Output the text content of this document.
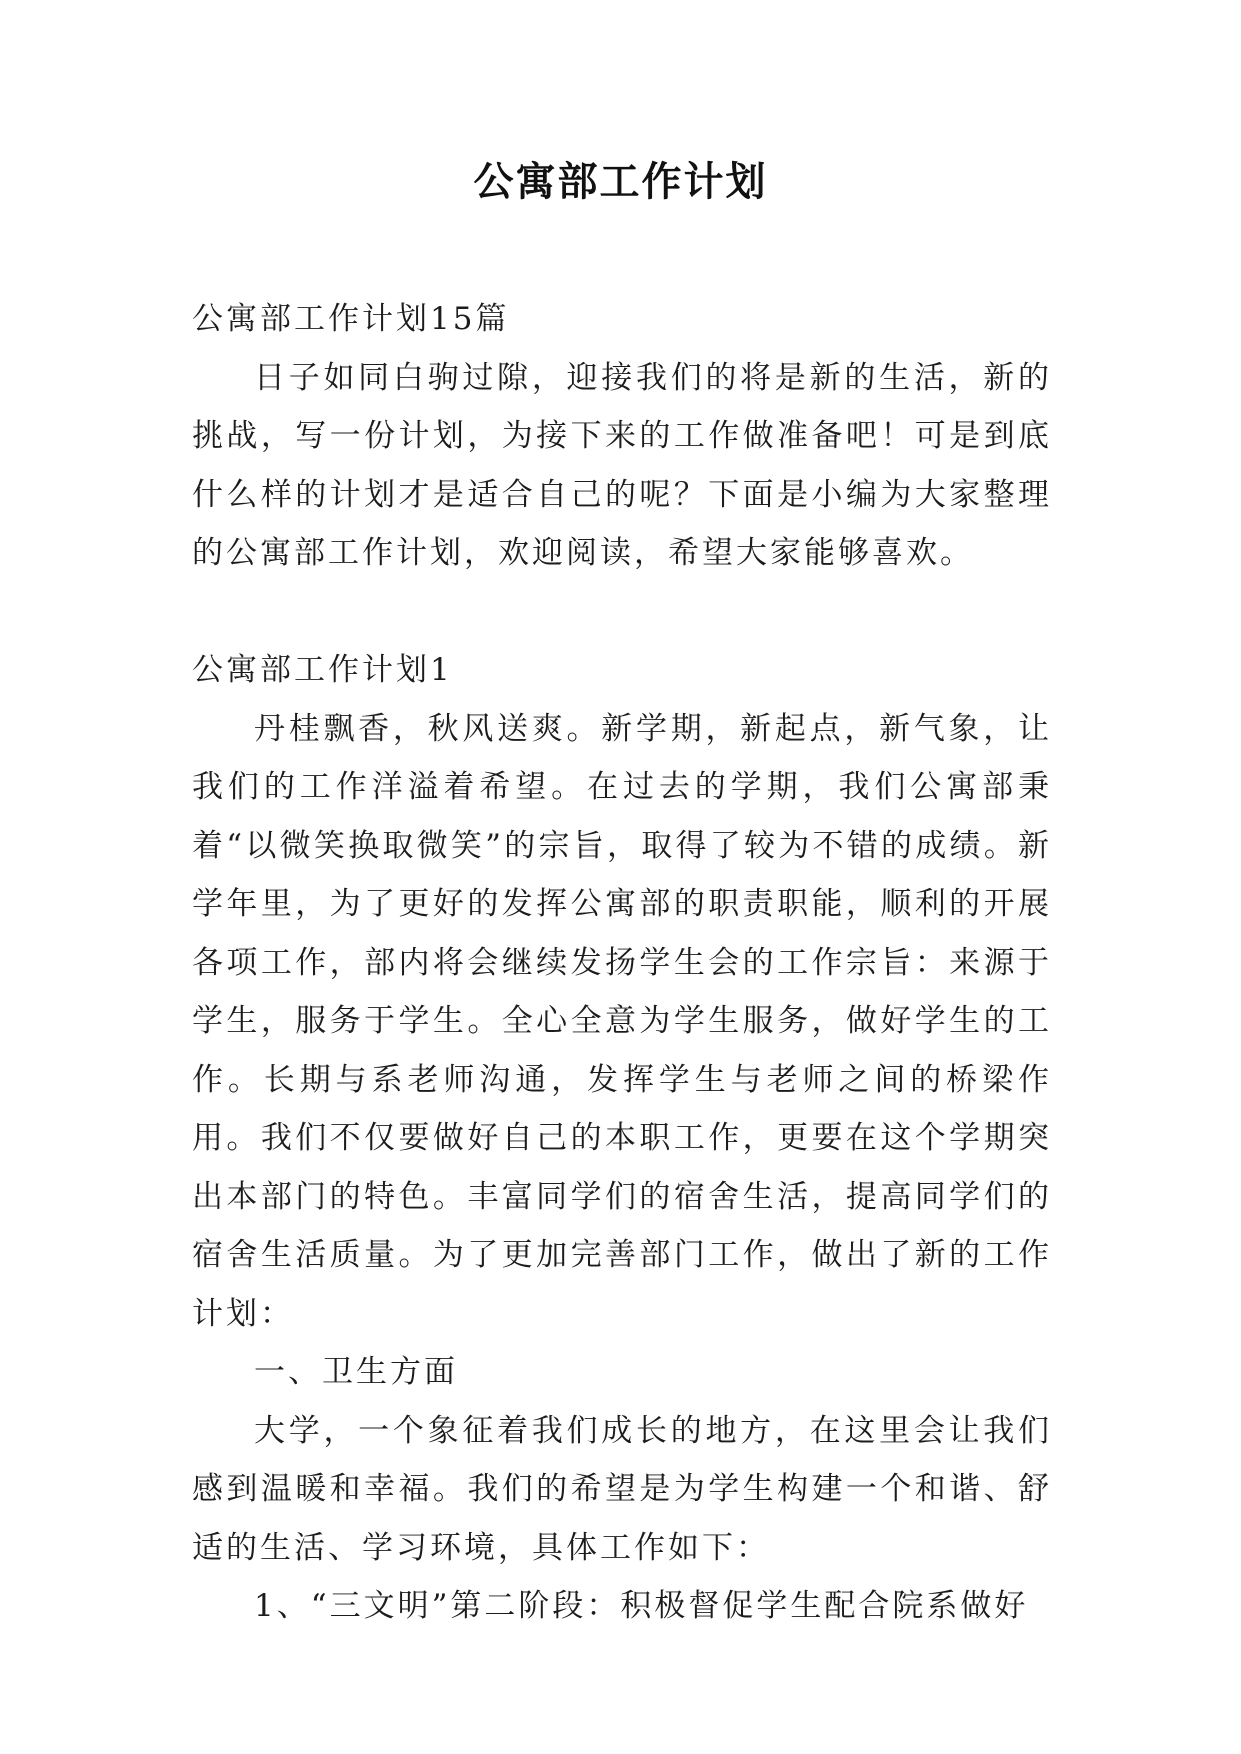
公寓部工作计划

公寓部工作计划15篇

日子如同白驹过隙，迎接我们的将是新的生活，新的挑战，写一份计划，为接下来的工作做准备吧！可是到底什么样的计划才是适合自己的呢？下面是小编为大家整理的公寓部工作计划，欢迎阅读，希望大家能够喜欢。

公寓部工作计划1

丹桂飘香，秋风送爽。新学期，新起点，新气象，让我们的工作洋溢着希望。在过去的学期，我们公寓部秉着“以微笑换取微笑”的宗旨，取得了较为不错的成绩。新学年里，为了更好的发挥公寓部的职责职能，顺利的开展各项工作，部内将会继续发扬学生会的工作宗旨：来源于学生，服务于学生。全心全意为学生服务，做好学生的工作。长期与系老师沟通，发挥学生与老师之间的桥梁作用。我们不仅要做好自己的本职工作，更要在这个学期突出本部门的特色。丰富同学们的宿舍生活，提高同学们的宿舍生活质量。为了更加完善部门工作，做出了新的工作计划：

一、卫生方面

大学，一个象征着我们成长的地方，在这里会让我们感到温暖和幸福。我们的希望是为学生构建一个和谐、舒适的生活、学习环境，具体工作如下：

1、“三文明”第二阶段：积极督促学生配合院系做好
